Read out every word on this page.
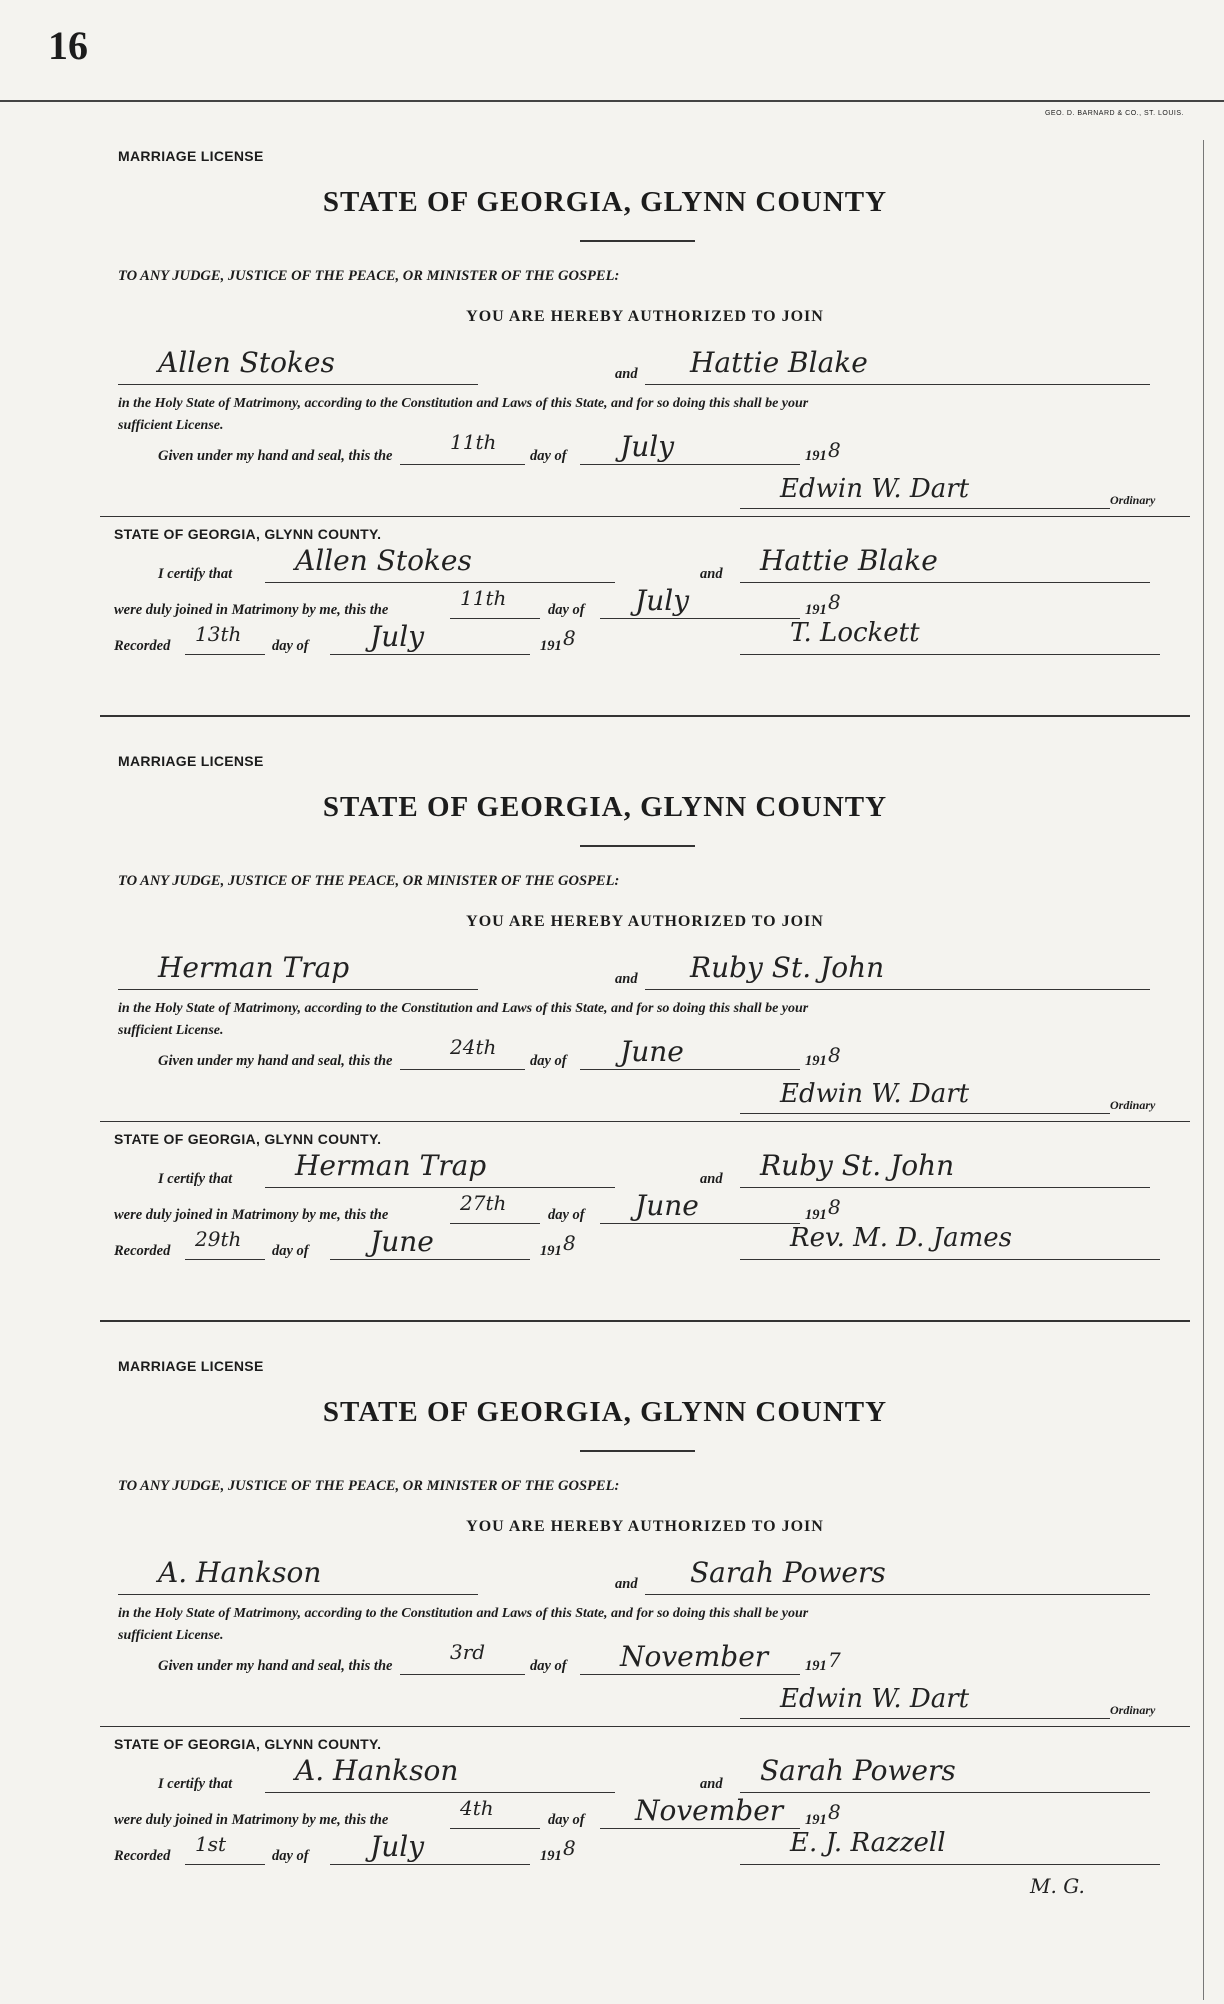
16
GEO. D. BARNARD & CO., ST. LOUIS.
MARRIAGE LICENSE
STATE OF GEORGIA, GLYNN COUNTY
TO ANY JUDGE, JUSTICE OF THE PEACE, OR MINISTER OF THE GOSPEL:
YOU ARE HEREBY AUTHORIZED TO JOIN
Allen Stokes	and Hattie Blake
in the Holy State of Matrimony, according to the Constitution and Laws of this State, and for so doing this shall be your
sufficient License.
Given under my hand and seal, this the
11th
day of July	191 8
Edwin W. Dart	Ordinary
STATE OF GEORGIA, GLYNN COUNTY.
I certify that Allen Stokes	and Hattie Blake
were duly joined in Matrimony by me, this the	11th	day of July	191 8
Recorded 13th day of July	191 8	T. Lockett
MARRIAGE LICENSE
STATE OF GEORGIA, GLYNN COUNTY
TO ANY JUDGE, JUSTICE OF THE PEACE, OR MINISTER OF THE GOSPEL:
YOU ARE HEREBY AUTHORIZED TO JOIN
Herman Trap	and Ruby St. John
in the Holy State of Matrimony, according to the Constitution and Laws of this State, and for so doing this shall be your
sufficient License.
Given under my hand and seal, this the
24th
day of June	191 8
Edwin W. Dart	Ordinary
STATE OF GEORGIA, GLYNN COUNTY.
I certify that Herman Trap	and Ruby St. John
were duly joined in Matrimony by me, this the	27th	day of June	191 8
Recorded 29th day of June	191 8	Rev. M. D. James
MARRIAGE LICENSE
STATE OF GEORGIA, GLYNN COUNTY
TO ANY JUDGE, JUSTICE OF THE PEACE, OR MINISTER OF THE GOSPEL:
YOU ARE HEREBY AUTHORIZED TO JOIN
A. Hankson	and Sarah Powers
in the Holy State of Matrimony, according to the Constitution and Laws of this State, and for so doing this shall be your
sufficient License.
Given under my hand and seal, this the
3rd
day of November	191 7
Edwin W. Dart	Ordinary
STATE OF GEORGIA, GLYNN COUNTY.
I certify that A. Hankson	and Sarah Powers
were duly joined in Matrimony by me, this the	4th	day of November 191 8
Recorded 1st	day of July	191 8	E. J. Razzell
M. G.
